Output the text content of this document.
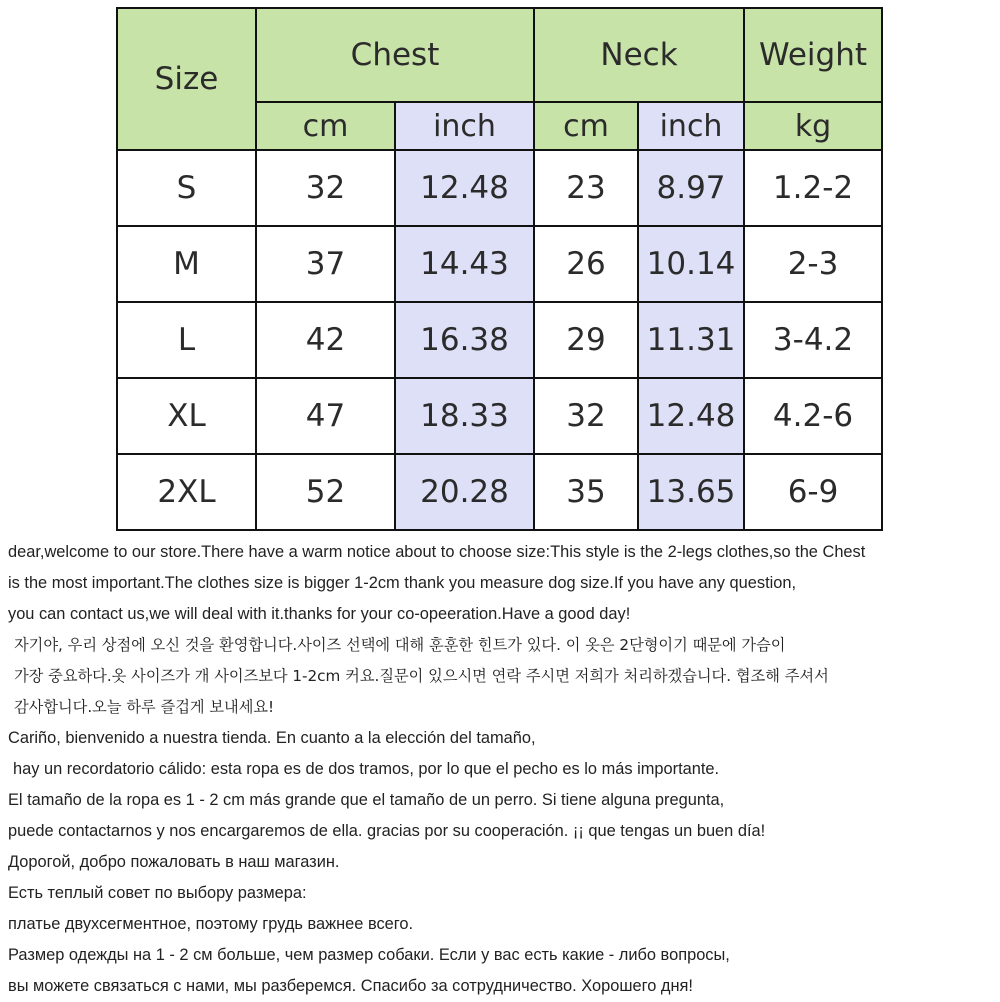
Size	Chest		Neck		Weight
	cm	inch	cm	inch	kg
S	32	12.48	23	8.97	1.2-2
M	37	14.43	26	10.14	2-3
L	42	16.38	29	11.31	3-4.2
XL	47	18.33	32	12.48	4.2-6
2XL	52	20.28	35	13.65	6-9
dear,welcome to our store.There have a warm notice about to choose size:This style is the 2-legs clothes,so the Chest
is the most important.The clothes size is bigger 1-2cm thank you measure dog size.If you have any question,
you can contact us,we will deal with it.thanks for your co-opeeration.Have a good day!
자기야, 우리 상점에 오신 것을 환영합니다.사이즈 선택에 대해 훈훈한 힌트가 있다. 이 옷은 2단형이기 때문에 가슴이
가장 중요하다.옷 사이즈가 개 사이즈보다 1-2cm 커요.질문이 있으시면 연락 주시면 저희가 처리하겠습니다. 협조해 주셔서
감사합니다.오늘 하루 즐겁게 보내세요!
Cariño, bienvenido a nuestra tienda. En cuanto a la elección del tamaño,
hay un recordatorio cálido: esta ropa es de dos tramos, por lo que el pecho es lo más importante.
El tamaño de la ropa es 1 - 2 cm más grande que el tamaño de un perro. Si tiene alguna pregunta,
puede contactarnos y nos encargaremos de ella. gracias por su cooperación. ¡¡ que tengas un buen día!
Дорогой, добро пожаловать в наш магазин.
Есть теплый совет по выбору размера:
платье двухсегментное, поэтому грудь важнее всего.
Размер одежды на 1 - 2 см больше, чем размер собаки. Если у вас есть какие - либо вопросы,
вы можете связаться с нами, мы разберемся. Спасибо за сотрудничество. Хорошего дня!
